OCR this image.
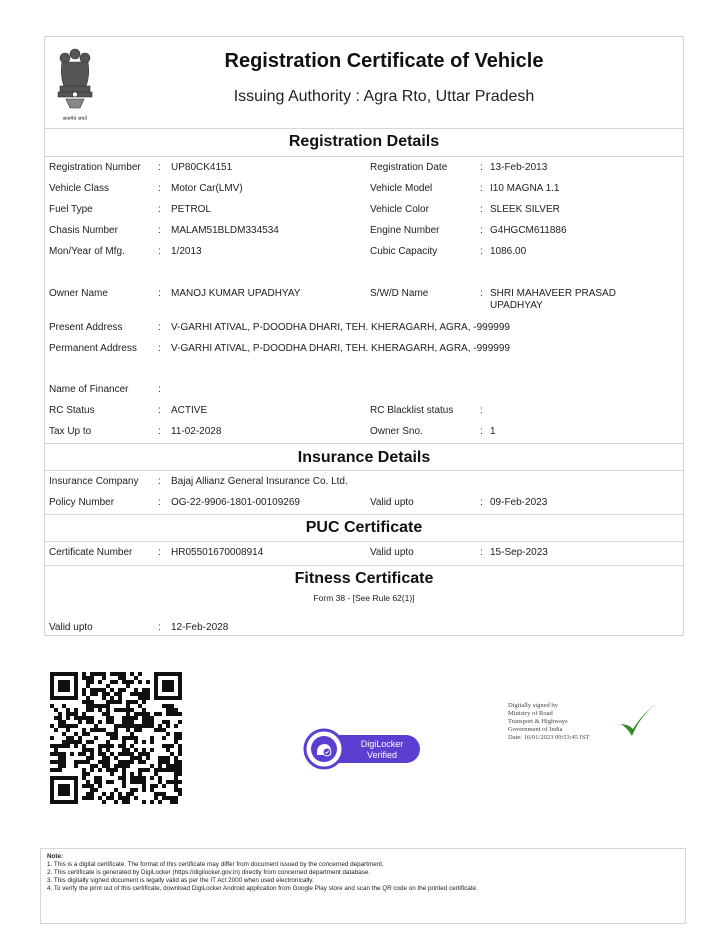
सत्यमेव जयते
Registration Certificate of Vehicle
Issuing Authority : Agra Rto, Uttar Pradesh
Registration Details
Registration Number : UP80CK4151	Registration Date	: 13-Feb-2013
Vehicle Class	: Motor Car(LMV)	Vehicle Model	: I10 MAGNA 1.1
Fuel Type	: PETROL	Vehicle Color	: SLEEK SILVER
Chasis Number	: MALAM51BLDM334534	Engine Number	: G4HGCM611886
Mon/Year of Mfg.	: 1/2013	Cubic Capacity	: 1086.00
Owner Name	: MANOJ KUMAR UPADHYAY	S/W/D Name	: SHRI MAHAVEER PRASAD
UPADHYAY
Present Address	: V-GARHI ATIVAL, P-DOODHA DHARI, TEH. KHERAGARH, AGRA, -999999
Permanent Address : V-GARHI ATIVAL, P-DOODHA DHARI, TEH. KHERAGARH, AGRA, -999999
Name of Financer	:
RC Status	: ACTIVE	RC Blacklist status	:
Tax Up to	: 11-02-2028	Owner Sno.	: 1
Insurance Details
Insurance Company : Bajaj Allianz General Insurance Co. Ltd.
Policy Number	: OG-22-9906-1801-00109269	Valid upto	: 09-Feb-2023
PUC Certificate
Certificate Number	: HR05501670008914	Valid upto	: 15-Sep-2023
Fitness Certificate
Form 38 - [See Rule 62(1)]
Valid upto	: 12-Feb-2028
DigiLocker
Verified
Digitally signed by
Ministry of Road
Transport & Highways
Government of India
Date: 16/01/2023 09:53:45 IST
Note:
1. This is a digital certificate. The format of this certificate may differ from document issued by the concerned department.
2. This certificate is generated by DigiLocker (https://digilocker.gov.in) directly from concerned department database.
3. This digitally signed document is legally valid as per the IT Act 2000 when used electronically.
4. To verify the print out of this certificate, download DigiLocker Android application from Google Play store and scan the QR code on the printed certificate.
